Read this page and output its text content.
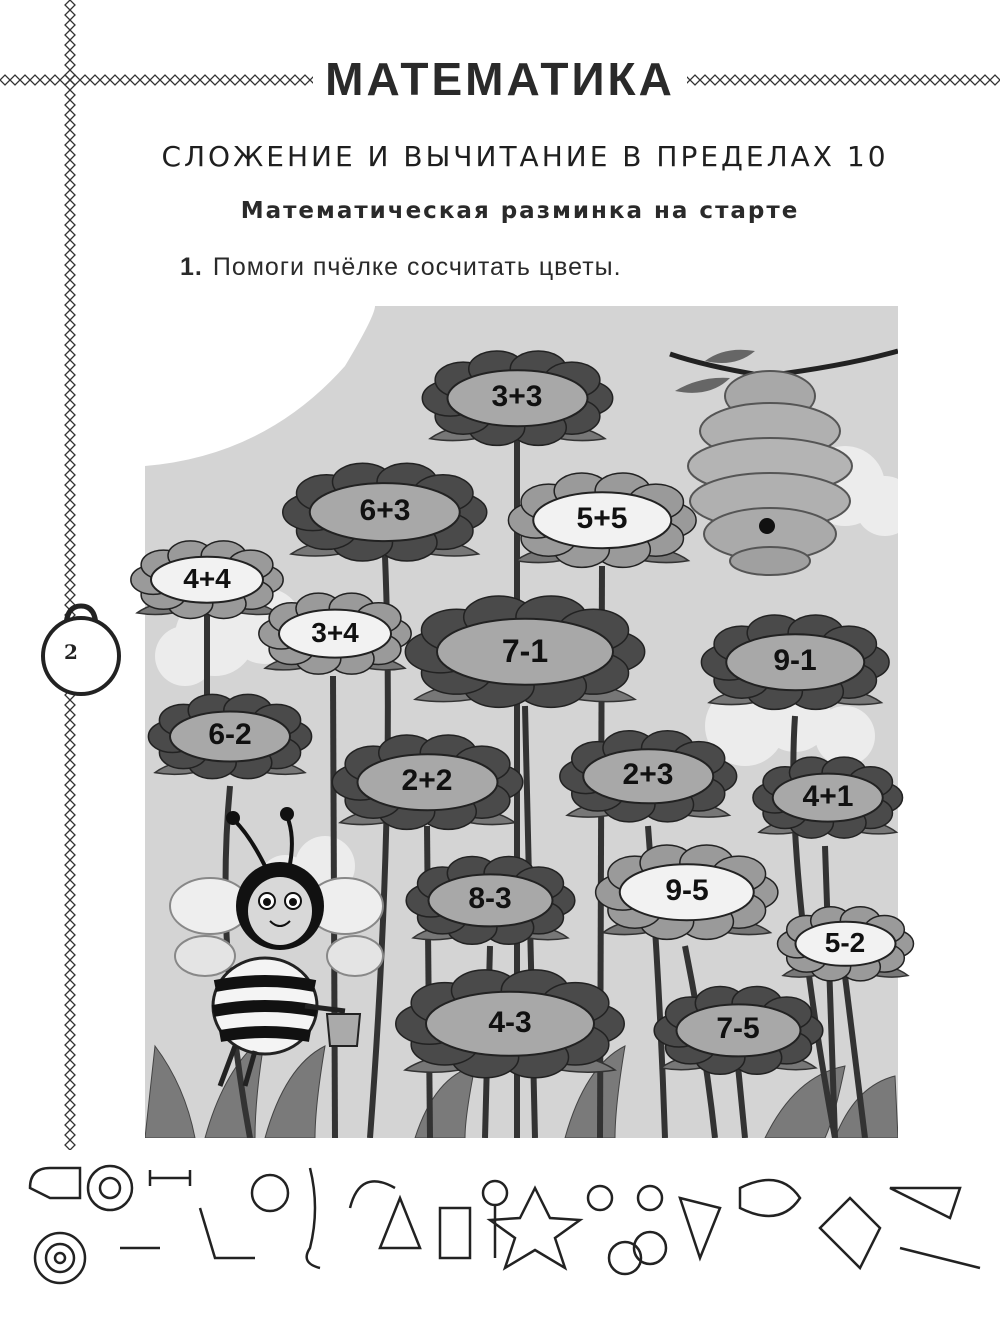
МАТЕМАТИКА
СЛОЖЕНИЕ И ВЫЧИТАНИЕ В ПРЕДЕЛАХ 10
Математическая разминка на старте
1. Помоги пчёлке сосчитать цветы.
2
3+3
6+3	5+5
4+4
3+4
7-1	9-1
6-2
2+2	2+3
4+1
8-3	9-5
5-2
4-3	7-5
